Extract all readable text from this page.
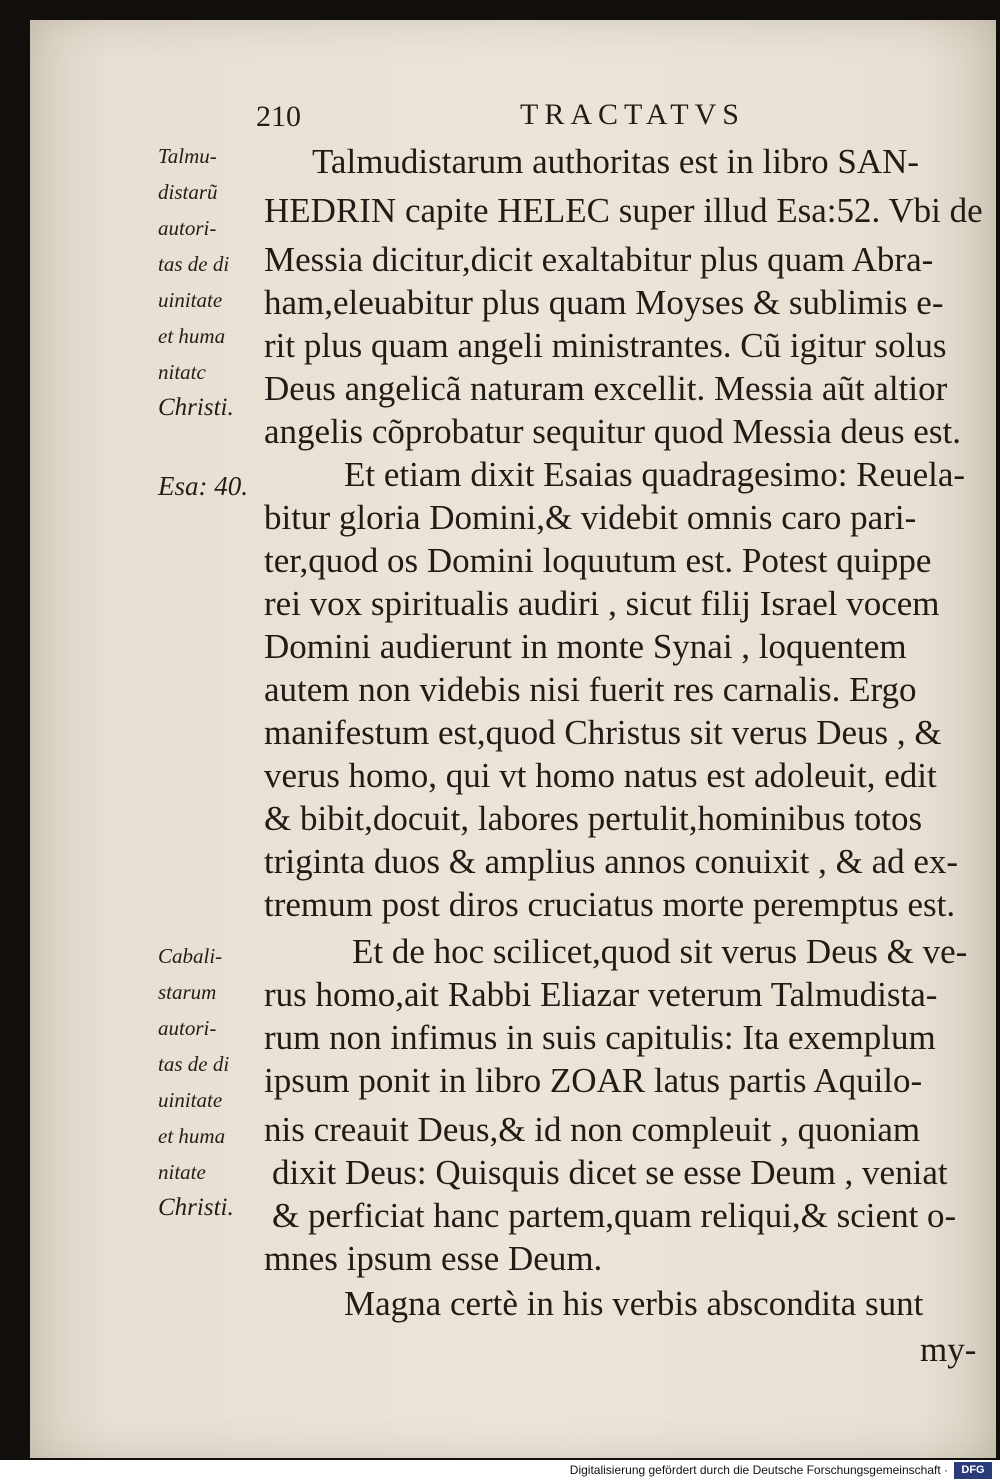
210	TRACTATVS
Talmu-
distarũ
autori-
tas de di
uinitate
et huma
nitatc
Christi.
Esa: 40.
Cabali-
starum
autori-
tas de di
uinitate
et huma
nitate
Christi.
Talmudistarum authoritas est in libro SAN-
HEDRIN capite HELEC super illud Esa:52. Vbi de
Messia dicitur,dicit exaltabitur plus quam Abra-
ham,eleuabitur plus quam Moyses & sublimis e-
rit plus quam angeli ministrantes. Cũ igitur solus
Deus angelicã naturam excellit. Messia aũt altior
angelis cõprobatur sequitur quod Messia deus est.
Et etiam dixit Esaias quadragesimo: Reuela-
bitur gloria Domini,& videbit omnis caro pari-
ter,quod os Domini loquutum est. Potest quippe
rei vox spiritualis audiri , sicut filij Israel vocem
Domini audierunt in monte Synai , loquentem
autem non videbis nisi fuerit res carnalis. Ergo
manifestum est,quod Christus sit verus Deus , &
verus homo, qui vt homo natus est adoleuit, edit
& bibit,docuit, labores pertulit,hominibus totos
triginta duos & amplius annos conuixit , & ad ex-
tremum post diros cruciatus morte peremptus est.
Et de hoc scilicet,quod sit verus Deus & ve-
rus homo,ait Rabbi Eliazar veterum Talmudista-
rum non infimus in suis capitulis: Ita exemplum
ipsum ponit in libro ZOAR latus partis Aquilo-
nis creauit Deus,& id non compleuit , quoniam
dixit Deus: Quisquis dicet se esse Deum , veniat
& perficiat hanc partem,quam reliqui,& scient o-
mnes ipsum esse Deum.
Magna certè in his verbis abscondita sunt
my-
Digitalisierung gefördert durch die Deutsche Forschungsgemeinschaft ·	DFG
